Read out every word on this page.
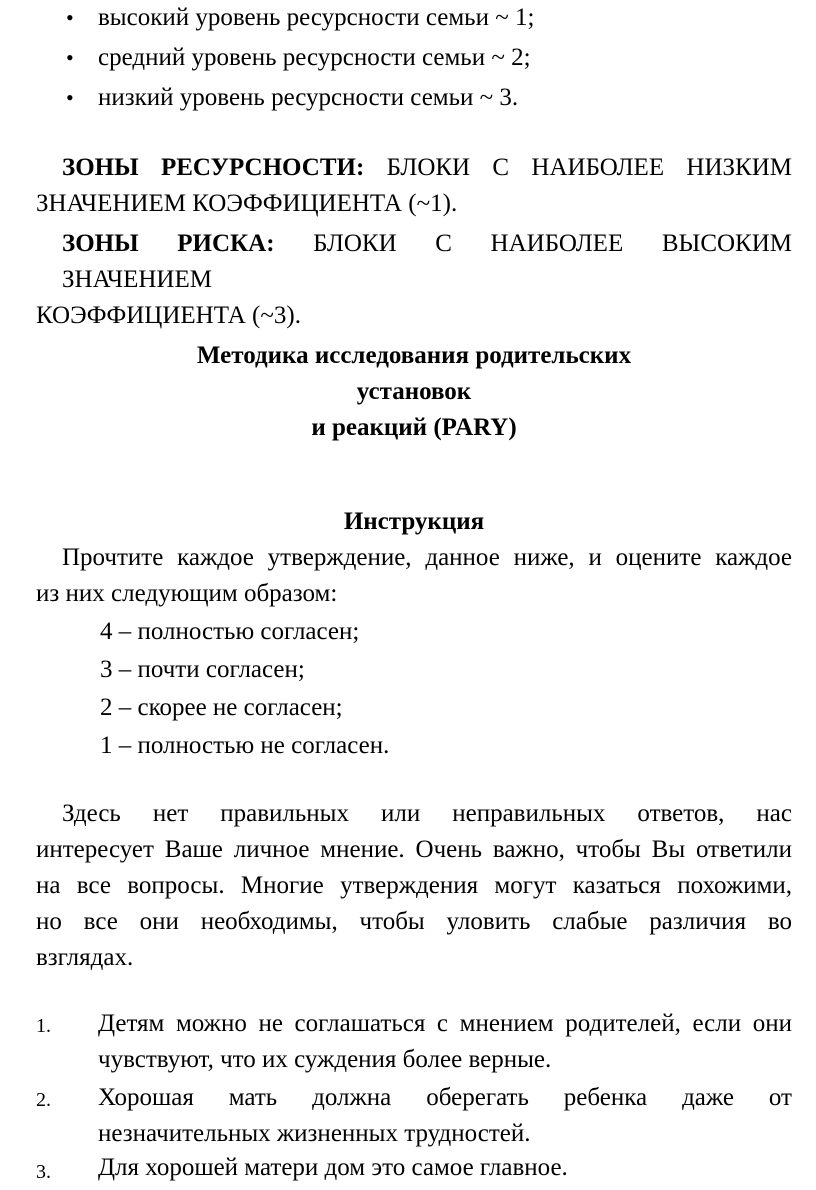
• высокий уровень ресурсности семьи ~ 1;
• средний уровень ресурсности семьи ~ 2;
• низкий уровень ресурсности семьи ~ 3.
ЗОНЫ РЕСУРСНОСТИ: БЛОКИ С НАИБОЛЕЕ НИЗКИМ
ЗНАЧЕНИЕМ КОЭФФИЦИЕНТА (~1).
ЗОНЫ РИСКА: БЛОКИ С НАИБОЛЕЕ ВЫСОКИМ
ЗНАЧЕНИЕМ
КОЭФФИЦИЕНТА (~3).
Методика исследования родительских
установок
и реакций (PARY)
Инструкция
Прочтите каждое утверждение, данное ниже, и оцените каждое
из них следующим образом:
4 – полностью согласен;
3 – почти согласен;
2 – скорее не согласен;
1 – полностью не согласен.
Здесь нет правильных или неправильных ответов, нас
интересует Ваше личное мнение. Очень важно, чтобы Вы ответили
на все вопросы. Многие утверждения могут казаться похожими,
но все они необходимы, чтобы уловить слабые различия во
взглядах.
1. Детям можно не соглашаться с мнением родителей, если они
чувствуют, что их суждения более верные.
2. Хорошая мать должна оберегать ребенка даже от
незначительных жизненных трудностей.
3. Для хорошей матери дом это самое главное.
